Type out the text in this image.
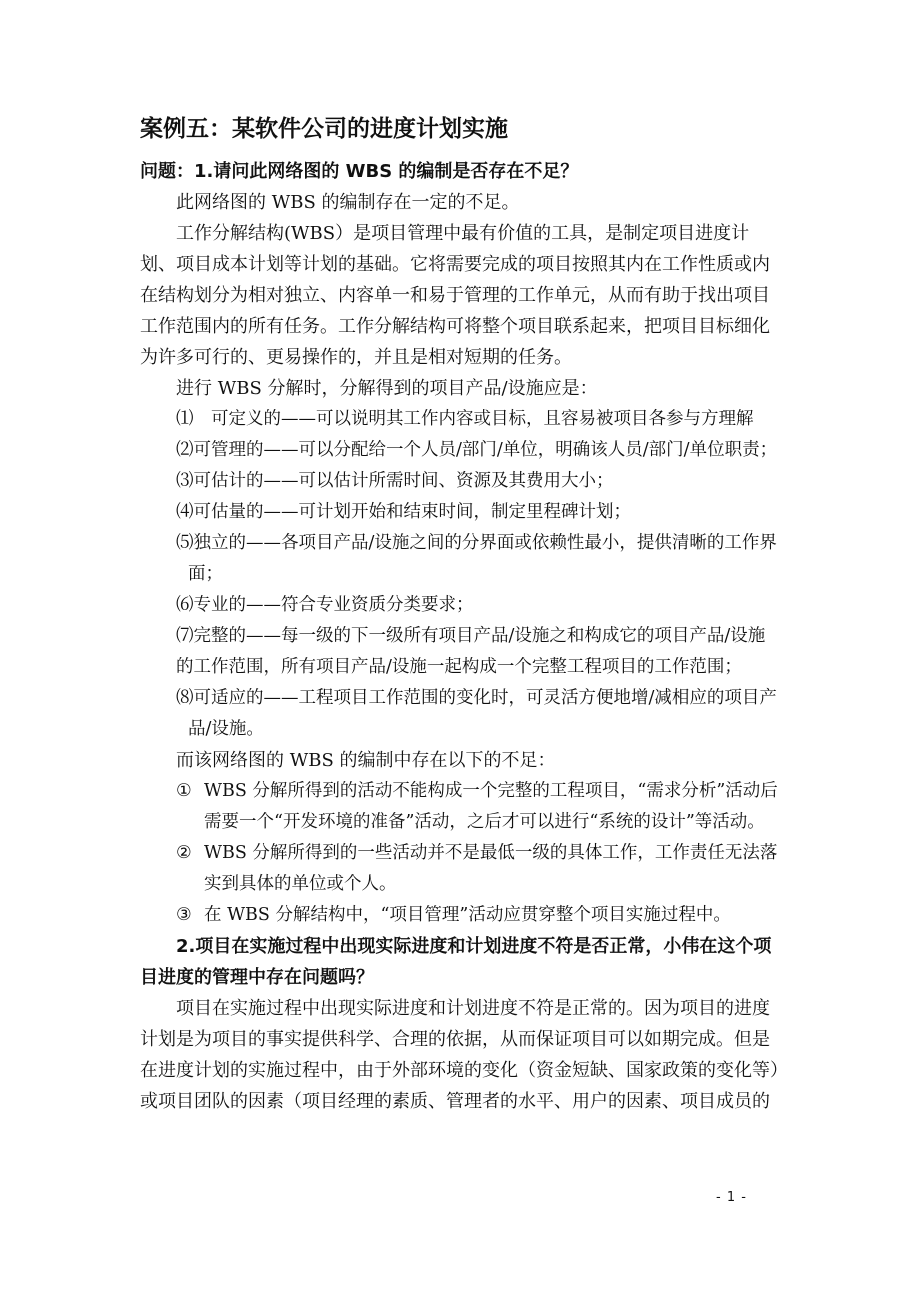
案例五：某软件公司的进度计划实施
问题：1.请问此网络图的 WBS 的编制是否存在不足？
此网络图的 WBS 的编制存在一定的不足。
工作分解结构(WBS）是项目管理中最有价值的工具，是制定项目进度计划、项目成本计划等计划的基础。它将需要完成的项目按照其内在工作性质或内在结构划分为相对独立、内容单一和易于管理的工作单元，从而有助于找出项目工作范围内的所有任务。工作分解结构可将整个项目联系起来，把项目目标细化为许多可行的、更易操作的，并且是相对短期的任务。
进行 WBS 分解时，分解得到的项目产品/设施应是：
⑴　可定义的——可以说明其工作内容或目标，且容易被项目各参与方理解
⑵可管理的——可以分配给一个人员/部门/单位，明确该人员/部门/单位职责；
⑶可估计的——可以估计所需时间、资源及其费用大小；
⑷可估量的——可计划开始和结束时间，制定里程碑计划；
⑸独立的——各项目产品/设施之间的分界面或依赖性最小，提供清晰的工作界面；
⑹专业的——符合专业资质分类要求；
⑺完整的——每一级的下一级所有项目产品/设施之和构成它的项目产品/设施的工作范围，所有项目产品/设施一起构成一个完整工程项目的工作范围；
⑻可适应的——工程项目工作范围的变化时，可灵活方便地增/减相应的项目产品/设施。
而该网络图的 WBS 的编制中存在以下的不足：
① WBS 分解所得到的活动不能构成一个完整的工程项目，“需求分析”活动后需要一个“开发环境的准备”活动，之后才可以进行“系统的设计”等活动。
② WBS 分解所得到的一些活动并不是最低一级的具体工作，工作责任无法落实到具体的单位或个人。
③ 在 WBS 分解结构中，“项目管理”活动应贯穿整个项目实施过程中。
2.项目在实施过程中出现实际进度和计划进度不符是否正常，小伟在这个项目进度的管理中存在问题吗？
项目在实施过程中出现实际进度和计划进度不符是正常的。因为项目的进度计划是为项目的事实提供科学、合理的依据，从而保证项目可以如期完成。但是在进度计划的实施过程中，由于外部环境的变化（资金短缺、国家政策的变化等）或项目团队的因素（项目经理的素质、管理者的水平、用户的因素、项目成员的
- 1 -
